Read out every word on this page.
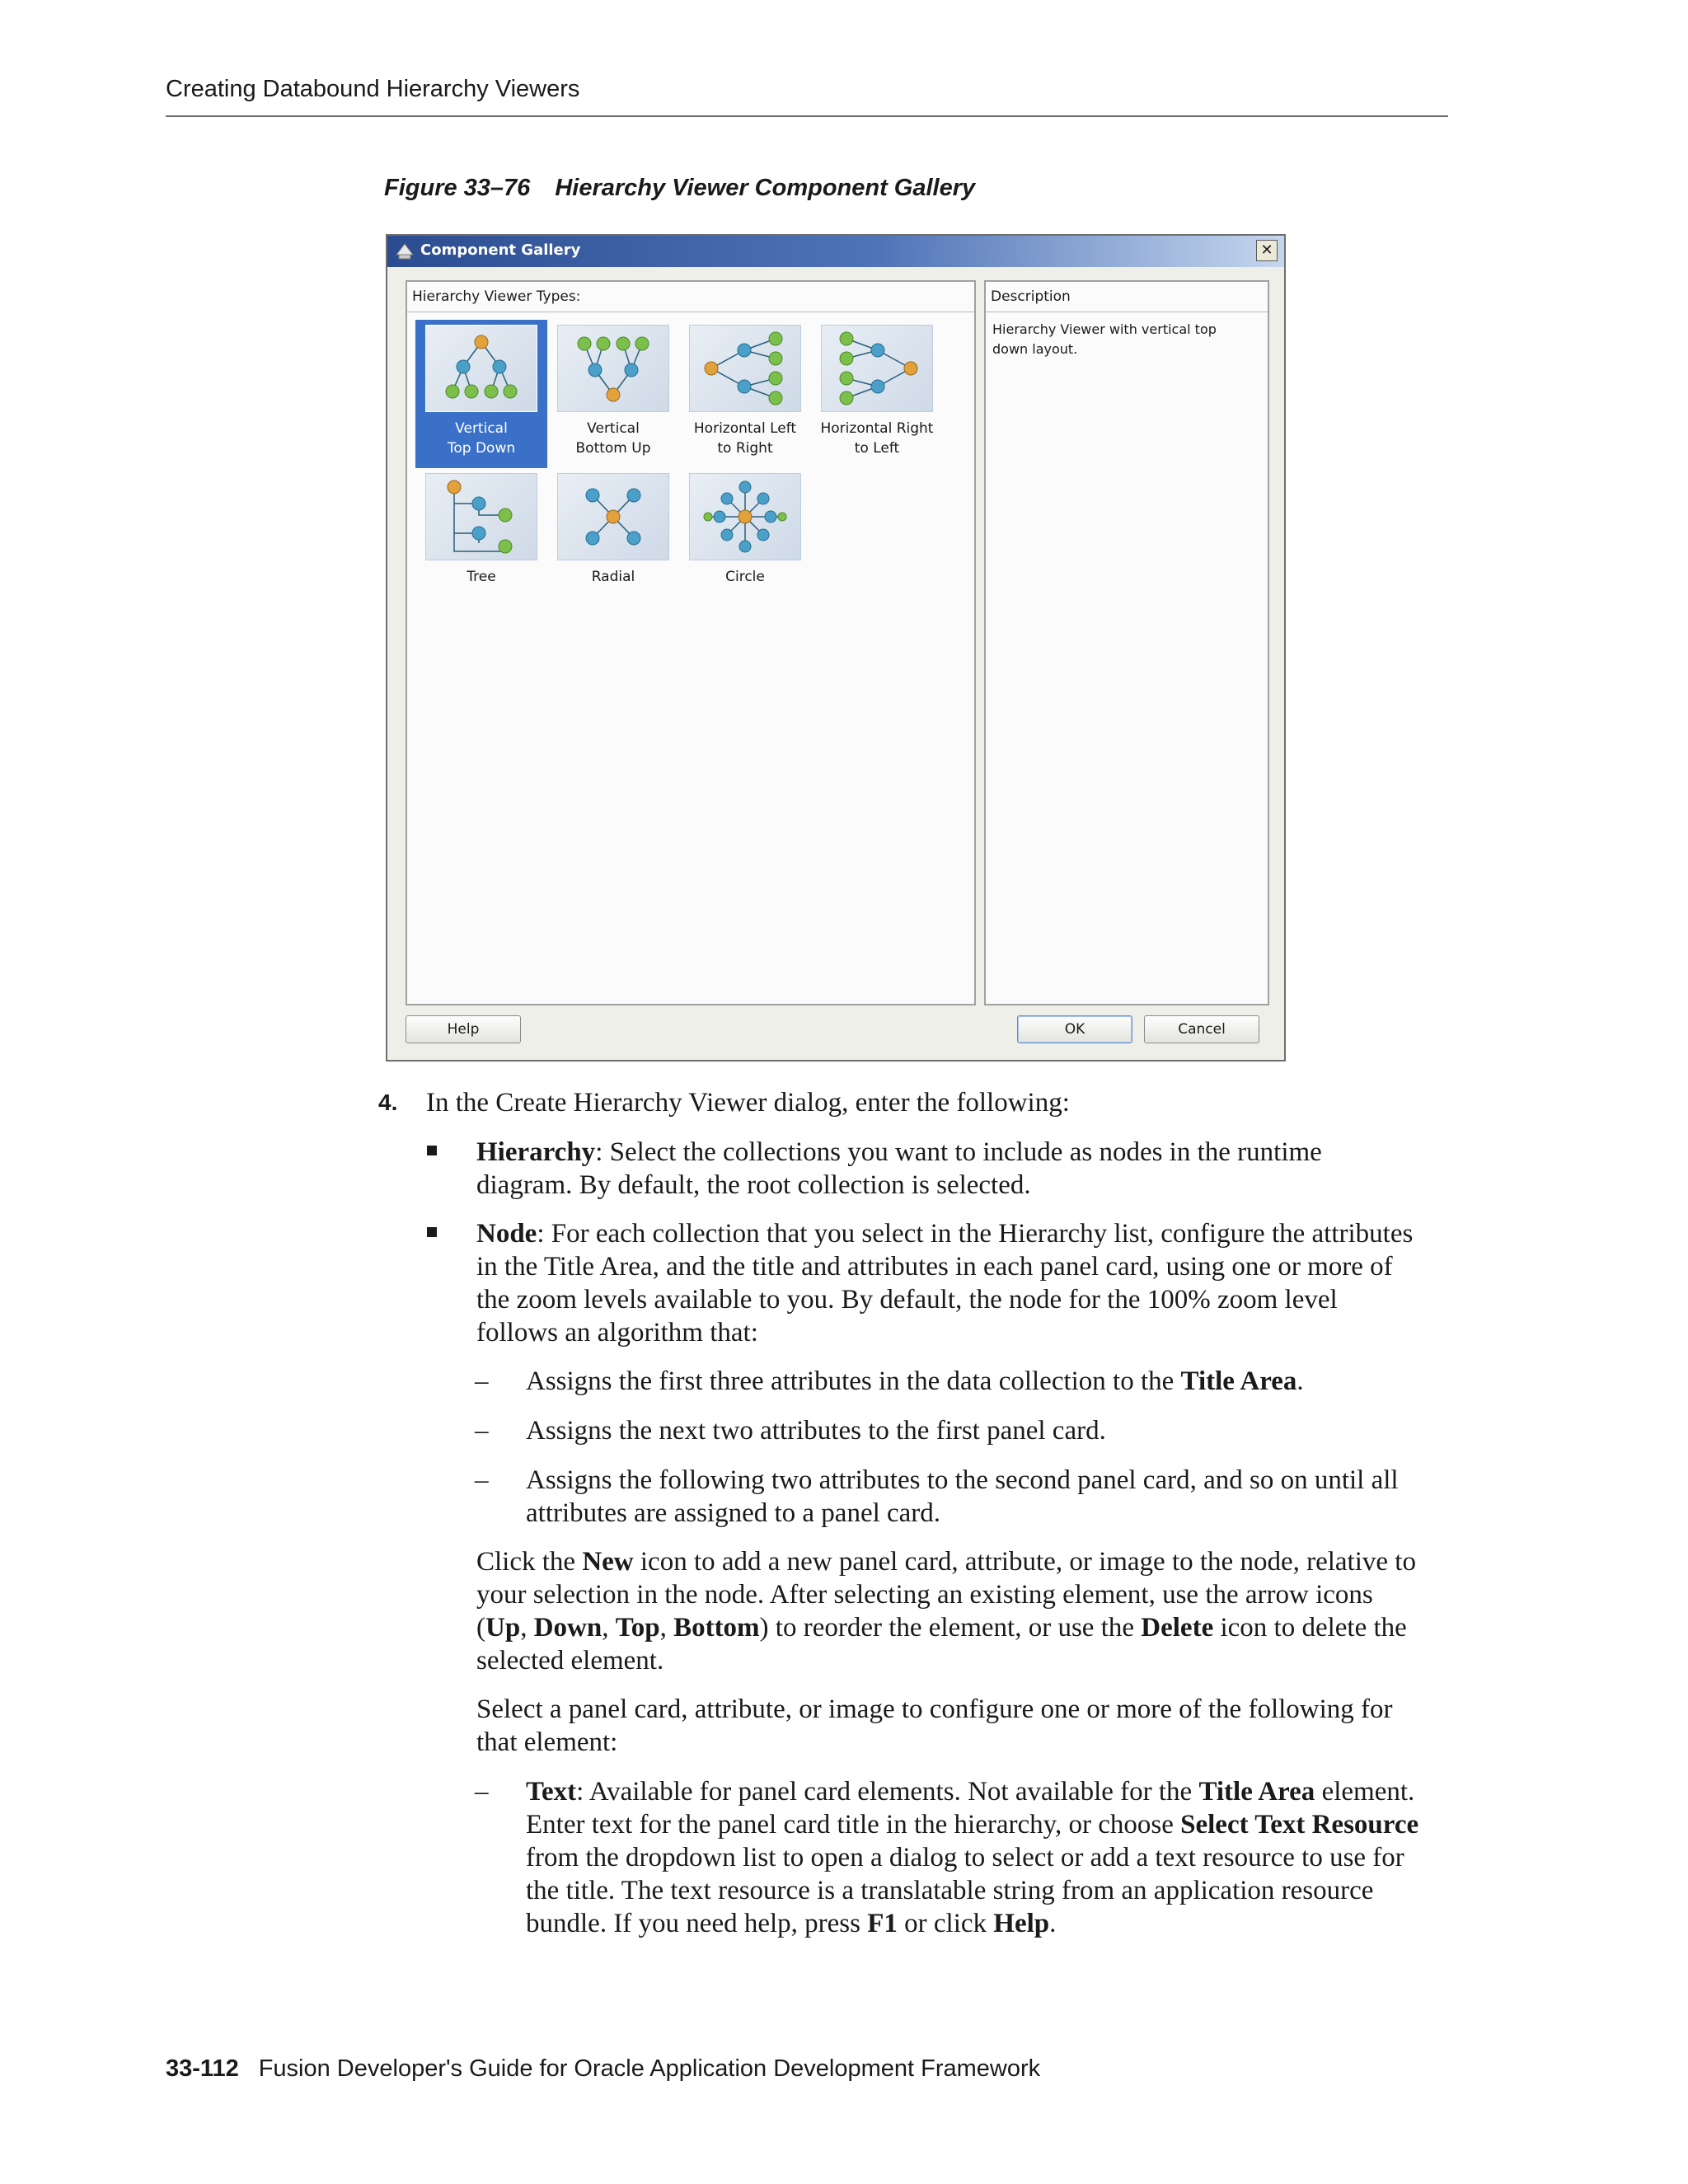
Creating Databound Hierarchy Viewers
Figure 33–76 Hierarchy Viewer Component Gallery
Component Gallery	✕
Hierarchy Viewer Types:
Vertical
Top Down
Vertical
Bottom Up
Horizontal Left
to Right
Horizontal Right
to Left
Tree	Radial	Circle
Description
Hierarchy Viewer with vertical top down layout.
Help	OK	Cancel
4. In the Create Hierarchy Viewer dialog, enter the following:
Hierarchy: Select the collections you want to include as nodes in the runtime diagram. By default, the root collection is selected.
Node: For each collection that you select in the Hierarchy list, configure the attributes in the Title Area, and the title and attributes in each panel card, using one or more of the zoom levels available to you. By default, the node for the 100% zoom level follows an algorithm that:
– Assigns the first three attributes in the data collection to the Title Area.
– Assigns the next two attributes to the first panel card.
– Assigns the following two attributes to the second panel card, and so on until all attributes are assigned to a panel card.
Click the New icon to add a new panel card, attribute, or image to the node, relative to your selection in the node. After selecting an existing element, use the arrow icons (Up, Down, Top, Bottom) to reorder the element, or use the Delete icon to delete the selected element.
Select a panel card, attribute, or image to configure one or more of the following for that element:
– Text: Available for panel card elements. Not available for the Title Area element. Enter text for the panel card title in the hierarchy, or choose Select Text Resource from the dropdown list to open a dialog to select or add a text resource to use for the title. The text resource is a translatable string from an application resource bundle. If you need help, press F1 or click Help.
33-112 Fusion Developer's Guide for Oracle Application Development Framework
